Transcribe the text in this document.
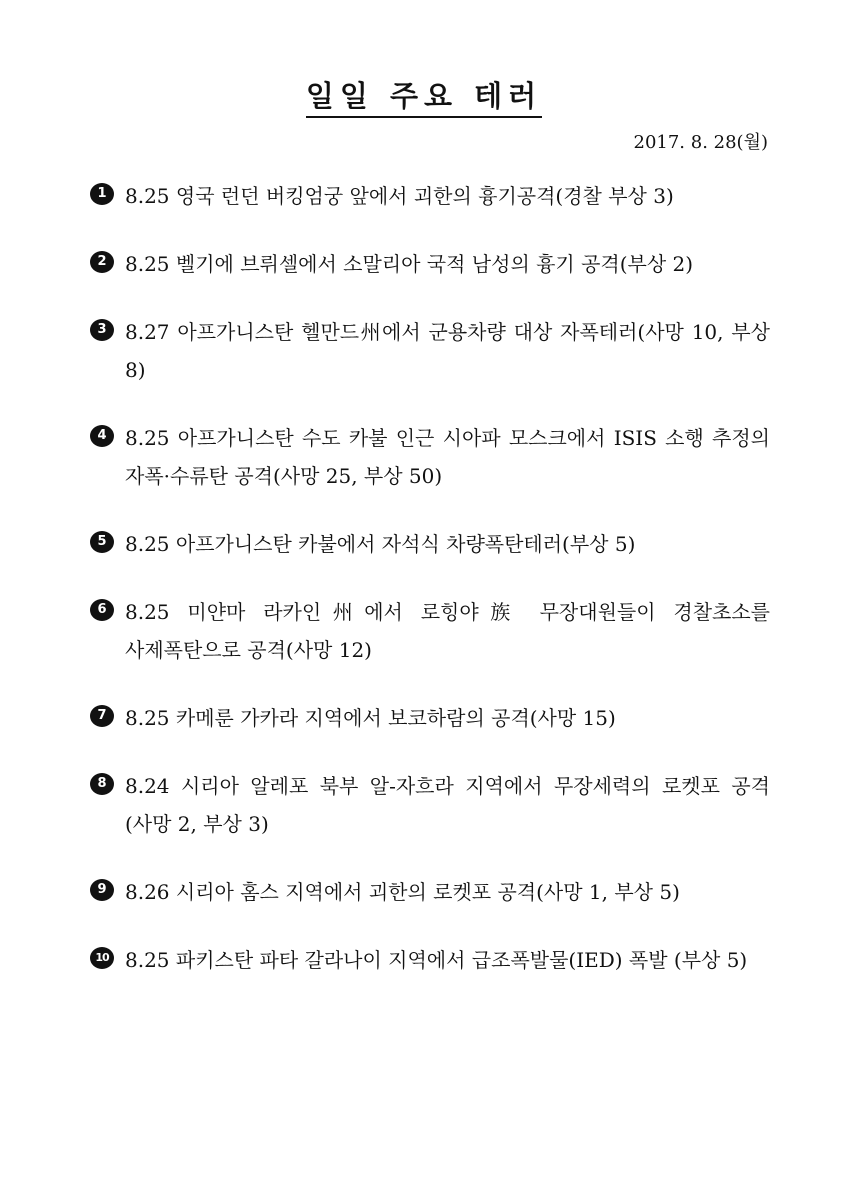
일일 주요 테러
2017. 8. 28(월)
1 8.25 영국 런던 버킹엄궁 앞에서 괴한의 흉기공격(경찰 부상 3)
2 8.25 벨기에 브뤼셀에서 소말리아 국적 남성의 흉기 공격(부상 2)
3 8.27 아프가니스탄 헬만드州에서 군용차량 대상 자폭테러(사망 10, 부상 8)
4 8.25 아프가니스탄 수도 카불 인근 시아파 모스크에서 ISIS 소행 추정의 자폭·수류탄 공격(사망 25, 부상 50)
5 8.25 아프가니스탄 카불에서 자석식 차량폭탄테러(부상 5)
6 8.25 미얀마 라카인州에서 로힝야族 무장대원들이 경찰초소를 사제폭탄으로 공격(사망 12)
7 8.25 카메룬 가카라 지역에서 보코하람의 공격(사망 15)
8 8.24 시리아 알레포 북부 알-자흐라 지역에서 무장세력의 로켓포 공격(사망 2, 부상 3)
9 8.26 시리아 홈스 지역에서 괴한의 로켓포 공격(사망 1, 부상 5)
10 8.25 파키스탄 파타 갈라나이 지역에서 급조폭발물(IED) 폭발 (부상 5)
